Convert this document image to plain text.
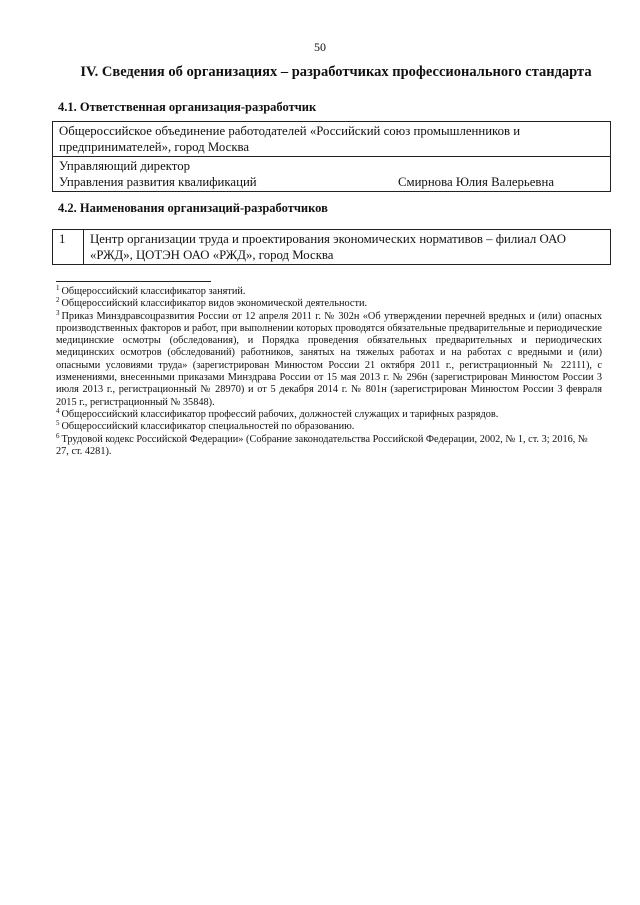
50
IV. Сведения об организациях – разработчиках профессионального стандарта
4.1. Ответственная организация-разработчик
Общероссийское объединение работодателей «Российский союз промышленников и предпринимателей», город Москва
Управляющий директор
Управления развития квалификаций	Смирнова Юлия Валерьевна
4.2. Наименования организаций-разработчиков
1	Центр организации труда и проектирования экономических нормативов – филиал ОАО «РЖД», ЦОТЭН ОАО «РЖД», город Москва

$^1$ Общероссийский классификатор занятий.

$^2$ Общероссийский классификатор видов экономической деятельности.

$^3$ Приказ Минздравсоцразвития России от 12 апреля 2011 г. № 302н «Об утверждении перечней вредных и (или) опасных производственных факторов и работ, при выполнении которых проводятся обязательные предварительные и периодические медицинские осмотры (обследования), и Порядка проведения обязательных предварительных и периодических медицинских осмотров (обследований) работников, занятых на тяжелых работах и на работах с вредными и (или) опасными условиями труда» (зарегистрирован Минюстом России 21 октября 2011 г., регистрационный № 22111), с изменениями, внесенными приказами Минздрава России от 15 мая 2013 г. № 296н (зарегистрирован Минюстом России 3 июля 2013 г., регистрационный № 28970) и от 5 декабря 2014 г. № 801н (зарегистрирован Минюстом России 3 февраля 2015 г., регистрационный № 35848).

$^4$ Общероссийский классификатор профессий рабочих, должностей служащих и тарифных разрядов.

$^5$ Общероссийский классификатор специальностей по образованию.

$^6$ Трудовой кодекс Российской Федерации» (Собрание законодательства Российской Федерации, 2002, № 1, ст. 3; 2016, № 27, ст. 4281).
